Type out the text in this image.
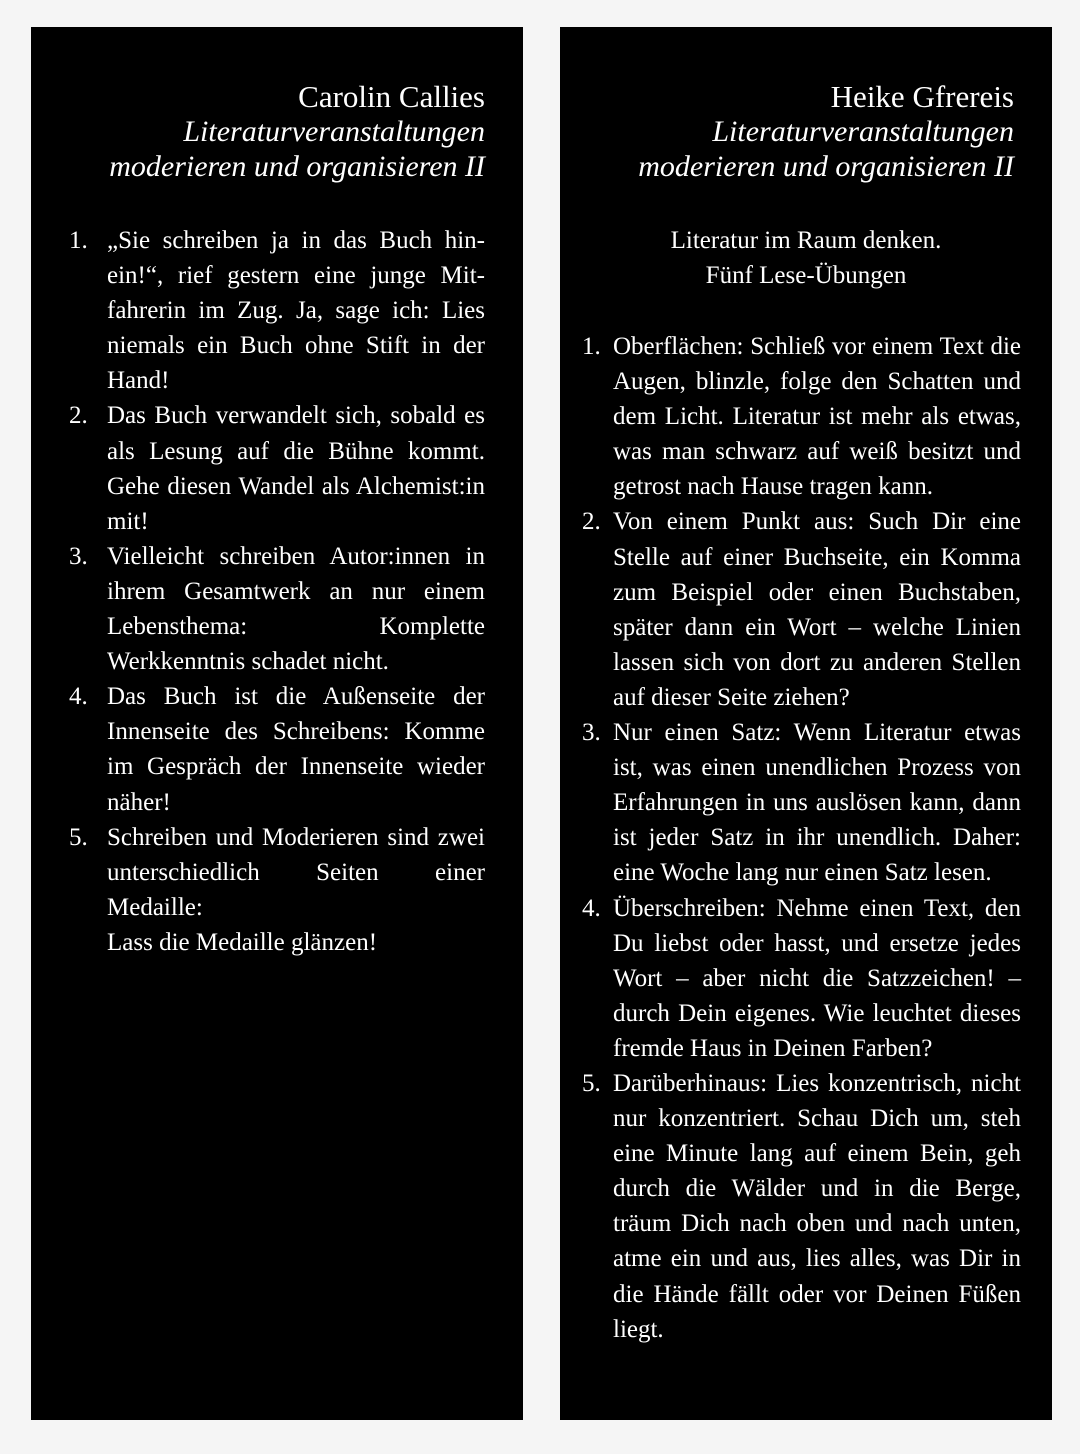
Carolin Callies
Literaturveranstaltungen
moderieren und organisieren II
1. „Sie schreiben ja in das Buch hinein!“, rief gestern eine junge Mitfahrerin im Zug. Ja, sage ich: Lies niemals ein Buch ohne Stift in der Hand!
2. Das Buch verwandelt sich, sobald es als Lesung auf die Bühne kommt. Gehe diesen Wandel als Alchemist:in mit!
3. Vielleicht schreiben Autor:innen in ihrem Gesamtwerk an nur einem Lebensthema: Komplette Werkkenntnis schadet nicht.
4. Das Buch ist die Außenseite der Innenseite des Schreibens: Komme im Gespräch der Innenseite wieder näher!
5. Schreiben und Moderieren sind zwei unterschiedlich Seiten einer Medaille:
Lass die Medaille glänzen!
Heike Gfrereis
Literaturveranstaltungen
moderieren und organisieren II
Literatur im Raum denken.
Fünf Lese-Übungen
1. Oberflächen: Schließ vor einem Text die Augen, blinzle, folge den Schatten und dem Licht. Literatur ist mehr als etwas, was man schwarz auf weiß besitzt und getrost nach Hause tragen kann.
2. Von einem Punkt aus: Such Dir eine Stelle auf einer Buchseite, ein Komma zum Beispiel oder einen Buchstaben, später dann ein Wort – welche Linien lassen sich von dort zu anderen Stellen auf dieser Seite ziehen?
3. Nur einen Satz: Wenn Literatur etwas ist, was einen unendlichen Prozess von Erfahrungen in uns auslösen kann, dann ist jeder Satz in ihr unendlich. Daher: eine Woche lang nur einen Satz lesen.
4. Überschreiben: Nehme einen Text, den Du liebst oder hasst, und ersetze jedes Wort – aber nicht die Satzzeichen! – durch Dein eigenes. Wie leuchtet dieses fremde Haus in Deinen Farben?
5. Darüberhinaus: Lies konzentrisch, nicht nur konzentriert. Schau Dich um, steh eine Minute lang auf einem Bein, geh durch die Wälder und in die Berge, träum Dich nach oben und nach unten, atme ein und aus, lies alles, was Dir in die Hände fällt oder vor Deinen Füßen liegt.
